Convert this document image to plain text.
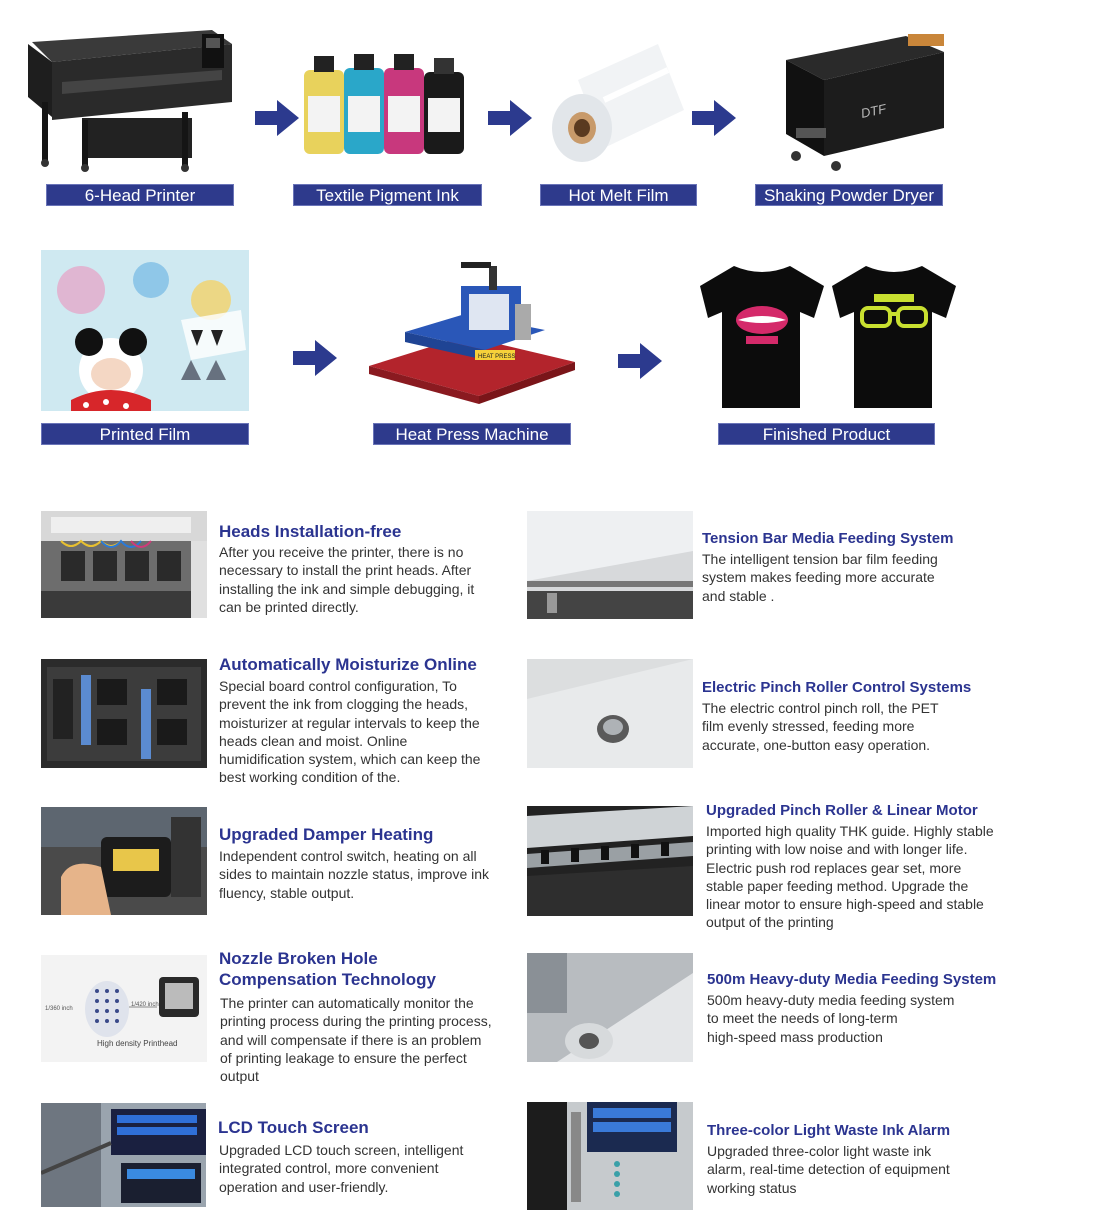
6-Head Printer	Textile Pigment Ink	Hot Melt Film
DTF
Shaking Powder Dryer
Printed Film
HEAT PRESS
Heat Press Machine	Finished Product
Heads Installation-free
After you receive the printer, there is no
necessary to install the print heads. After
installing the ink and simple debugging, it
can be printed directly.
Automatically Moisturize Online
Special board control configuration, To
prevent the ink from clogging the heads,
moisturizer at regular intervals to keep the
heads clean and moist. Online
humidification system, which can keep the
best working condition of the.
Upgraded Damper Heating
Independent control switch, heating on all
sides to maintain nozzle status, improve ink
fluency, stable output.
1/360 inch
1/420 inch
High density Printhead
Nozzle Broken Hole
Compensation Technology
The printer can automatically monitor the
printing process during the printing process,
and will compensate if there is an problem
of printing leakage to ensure the perfect
output
LCD Touch Screen
Upgraded LCD touch screen, intelligent
integrated control, more convenient
operation and user-friendly.
Tension Bar Media Feeding System
The intelligent tension bar film feeding
system makes feeding more accurate
and stable .
Electric Pinch Roller Control Systems
The electric control pinch roll, the PET
film evenly stressed, feeding more
accurate, one-button easy operation.
Upgraded Pinch Roller & Linear Motor
Imported high quality THK guide. Highly stable
printing with low noise and with longer life.
Electric push rod replaces gear set, more
stable paper feeding method. Upgrade the
linear motor to ensure high-speed and stable
output of the printing
500m Heavy-duty Media Feeding System
500m heavy-duty media feeding system
to meet the needs of long-term
high-speed mass production
Three-color Light Waste Ink Alarm
Upgraded three-color light waste ink
alarm, real-time detection of equipment
working status
